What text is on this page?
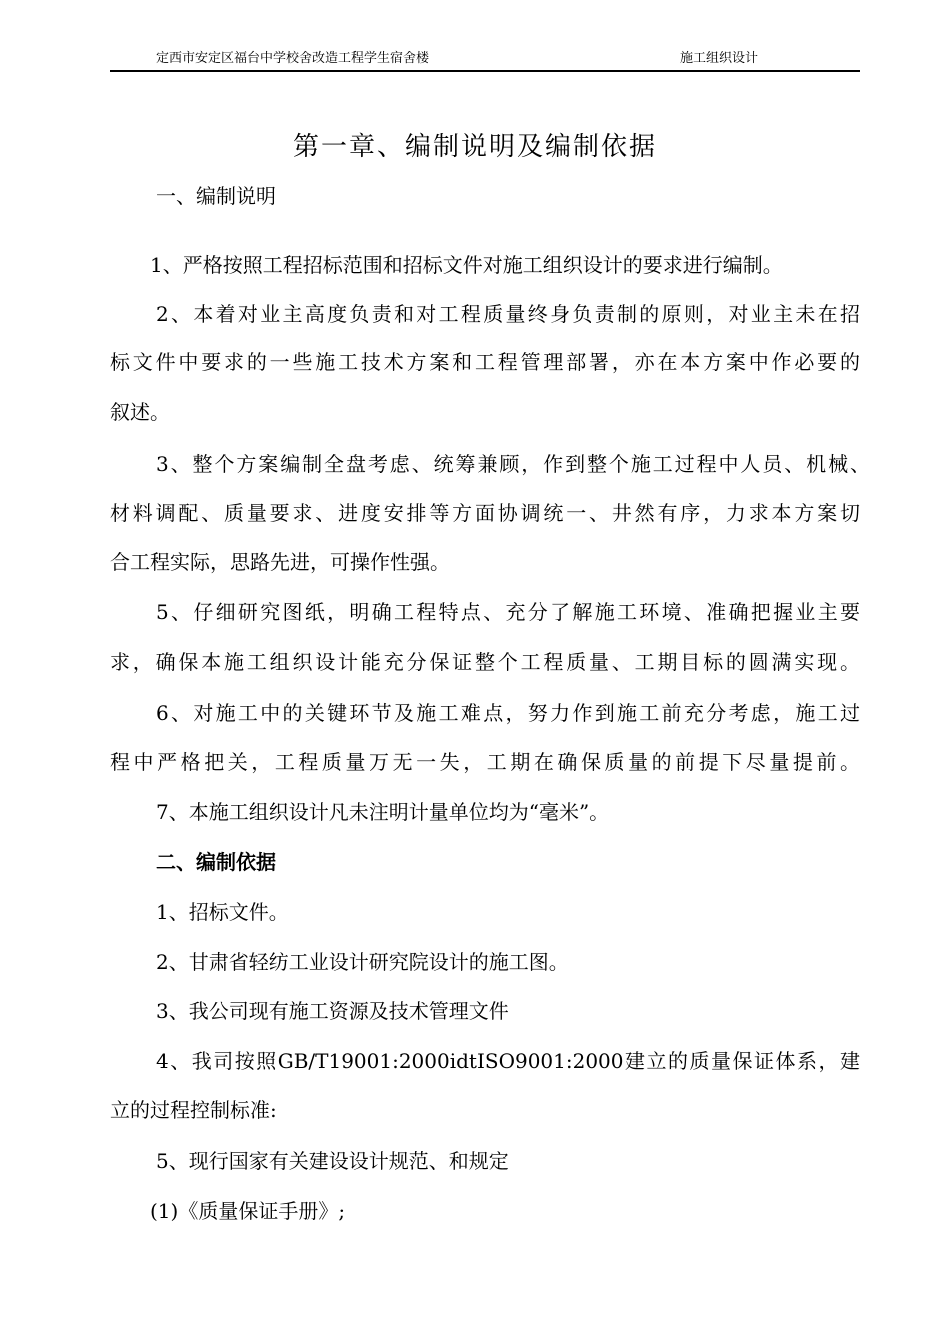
定西市安定区福台中学校舍改造工程学生宿舍楼	施工组织设计
第一章、编制说明及编制依据
一、编制说明
1、严格按照工程招标范围和招标文件对施工组织设计的要求进行编制。
2、本着对业主高度负责和对工程质量终身负责制的原则，对业主未在招
标文件中要求的一些施工技术方案和工程管理部署，亦在本方案中作必要的
叙述。
3、整个方案编制全盘考虑、统筹兼顾，作到整个施工过程中人员、机械、
材料调配、质量要求、进度安排等方面协调统一、井然有序，力求本方案切
合工程实际，思路先进，可操作性强。
5、仔细研究图纸，明确工程特点、充分了解施工环境、准确把握业主要
求，确保本施工组织设计能充分保证整个工程质量、工期目标的圆满实现。
6、对施工中的关键环节及施工难点，努力作到施工前充分考虑，施工过
程中严格把关，工程质量万无一失，工期在确保质量的前提下尽量提前。
7、本施工组织设计凡未注明计量单位均为“毫米”。
二、编制依据
1、招标文件。
2、甘肃省轻纺工业设计研究院设计的施工图。
3、我公司现有施工资源及技术管理文件
4、我司按照GB/T19001:2000idtISO9001:2000建立的质量保证体系，建
立的过程控制标准:
5、现行国家有关建设设计规范、和规定
(1)《质量保证手册》;
